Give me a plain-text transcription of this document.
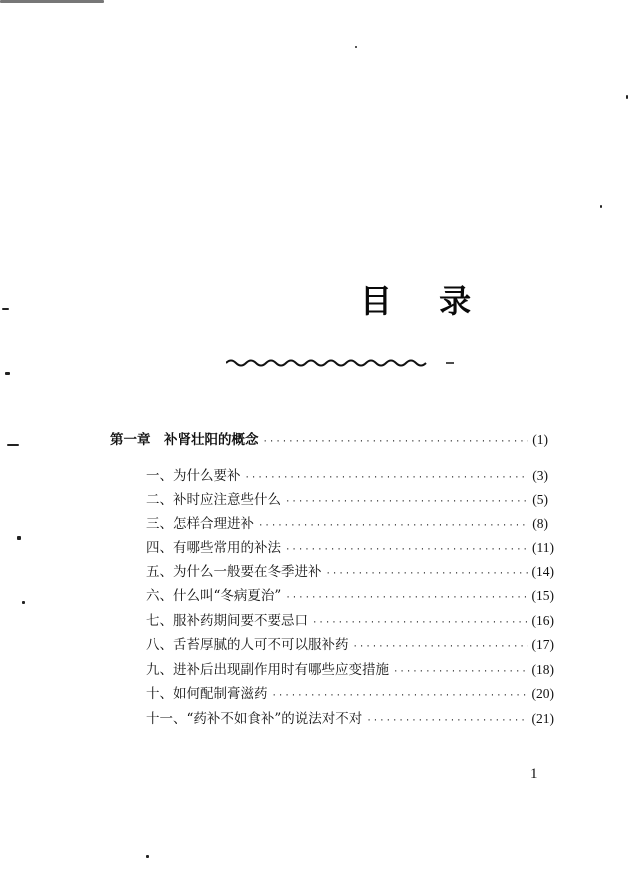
目 录
第一章　补肾壮阳的概念 ·····	(1)
一、为什么要补 ·····	(3)
二、补时应注意些什么 ·····	(5)
三、怎样合理进补 ·····	(8)
四、有哪些常用的补法 ·····	(11)
五、为什么一般要在冬季进补 ·····	(14)
六、什么叫“冬病夏治” ·····	(15)
七、服补药期间要不要忌口 ·····	(16)
八、舌苔厚腻的人可不可以服补药 ·····	(17)
九、进补后出现副作用时有哪些应变措施 ·····	(18)
十、如何配制膏滋药 ·····	(20)
十一、“药补不如食补”的说法对不对 ·····	(21)
1
